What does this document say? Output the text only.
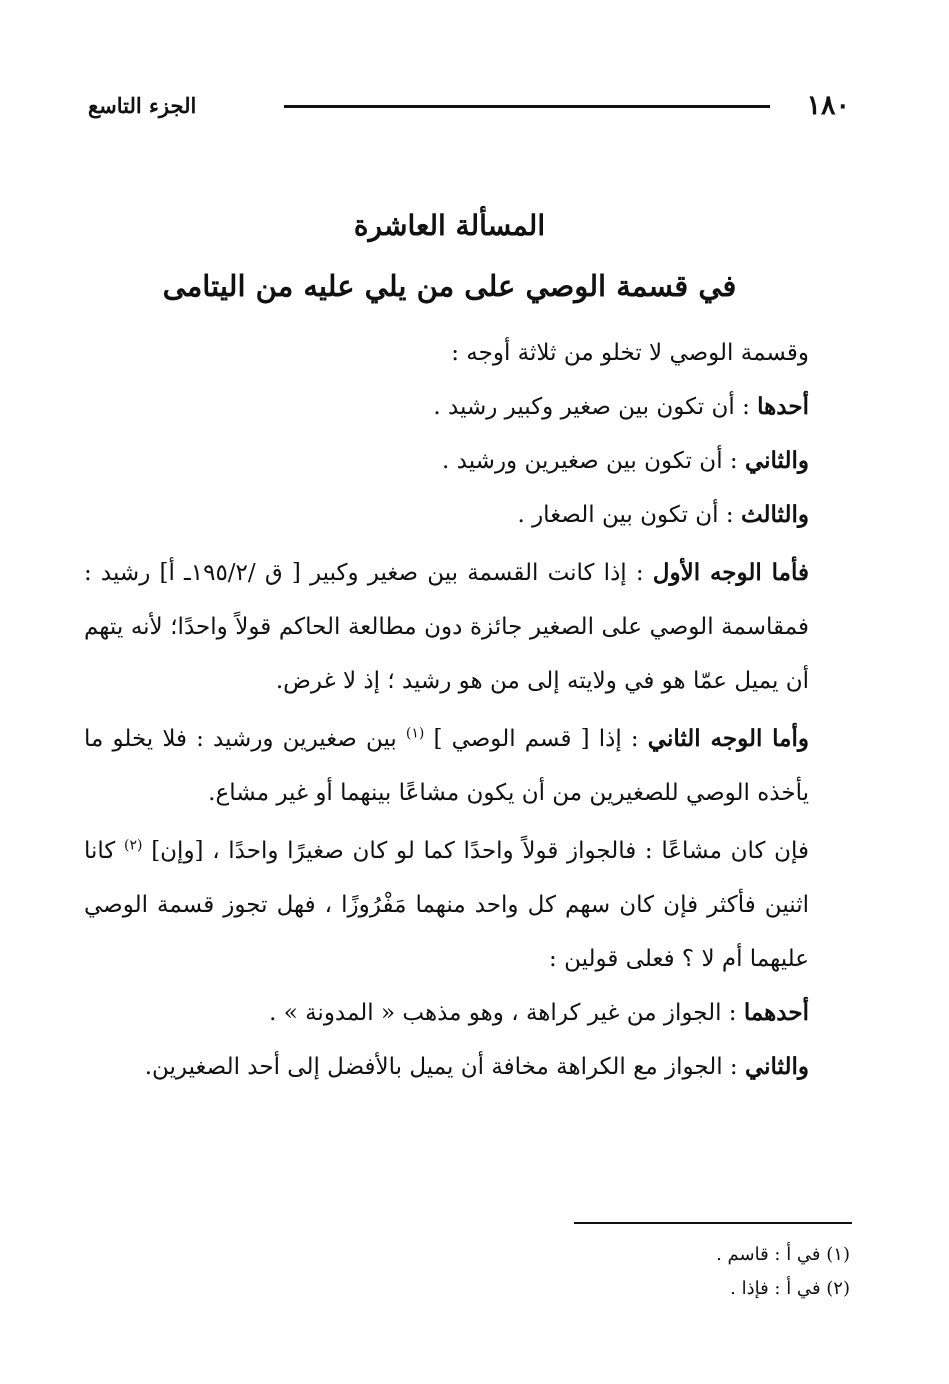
١٨٠
الجزء التاسع
المسألة العاشرة
في قسمة الوصي على من يلي عليه من اليتامى

وقسمة الوصي لا تخلو من ثلاثة أوجه :

أحدها : أن تكون بين صغير وكبير رشيد .

والثاني : أن تكون بين صغيرين ورشيد .

والثالث : أن تكون بين الصغار .

فأما الوجه الأول : إذا كانت القسمة بين صغير وكبير [ ق /١٩٥/٢ـ أ] رشيد : فمقاسمة الوصي على الصغير جائزة دون مطالعة الحاكم قولاً واحدًا؛ لأنه يتهم أن يميل عمّا هو في ولايته إلى من هو رشيد ؛ إذ لا غرض.

وأما الوجه الثاني : إذا [ قسم الوصي ] $^{(١)}$ بين صغيرين ورشيد : فلا يخلو ما يأخذه الوصي للصغيرين من أن يكون مشاعًا بينهما أو غير مشاع.

فإن كان مشاعًا : فالجواز قولاً واحدًا كما لو كان صغيرًا واحدًا ، [وإن] $^{(٢)}$ كانا اثنين فأكثر فإن كان سهم كل واحد منهما مَفْرُوزًا ، فهل تجوز قسمة الوصي عليهما أم لا ؟ فعلى قولين :

أحدهما : الجواز من غير كراهة ، وهو مذهب « المدونة » .

والثاني : الجواز مع الكراهة مخافة أن يميل بالأفضل إلى أحد الصغيرين.

(١) في أ : قاسم .
(٢) في أ : فإذا .
